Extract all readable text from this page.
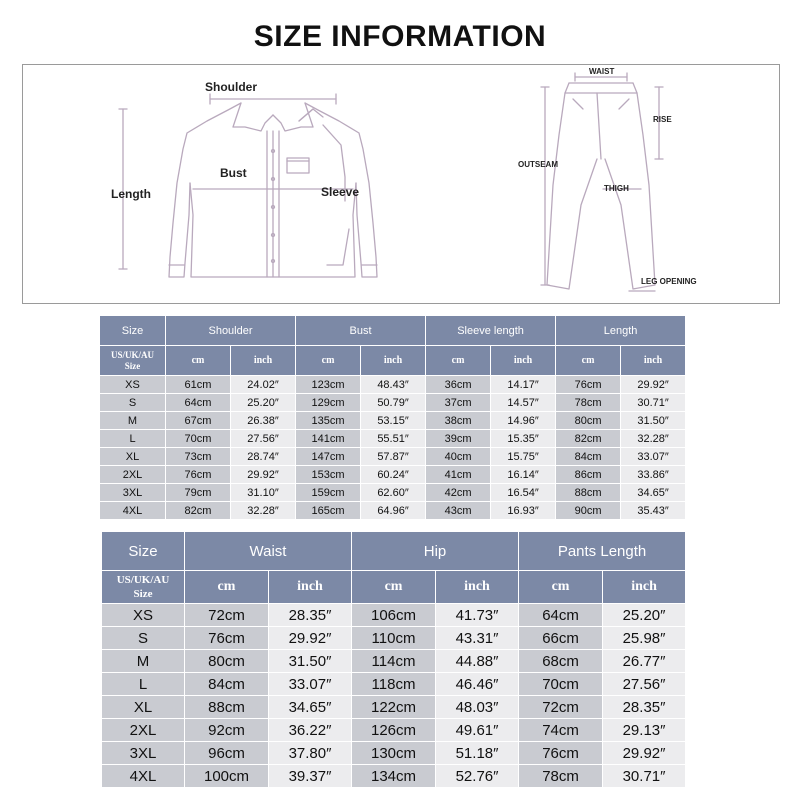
SIZE INFORMATION
Shoulder
Bust
Length	Sleeve
WAIST
RISE
OUTSEAM
THIGH
LEG OPENING
Size	Shoulder		Bust		Sleeve length		Length	
US/UK/AU
Size	cm	inch	cm	inch	cm	inch	cm	inch
XS	61cm	24.02″	123cm	48.43″	36cm	14.17″	76cm	29.92″
S	64cm	25.20″	129cm	50.79″	37cm	14.57″	78cm	30.71″
M	67cm	26.38″	135cm	53.15″	38cm	14.96″	80cm	31.50″
L	70cm	27.56″	141cm	55.51″	39cm	15.35″	82cm	32.28″
XL	73cm	28.74″	147cm	57.87″	40cm	15.75″	84cm	33.07″
2XL	76cm	29.92″	153cm	60.24″	41cm	16.14″	86cm	33.86″
3XL	79cm	31.10″	159cm	62.60″	42cm	16.54″	88cm	34.65″
4XL	82cm	32.28″	165cm	64.96″	43cm	16.93″	90cm	35.43″
Size	Waist		Hip		Pants Length	
US/UK/AU
Size	cm	inch	cm	inch	cm	inch
XS	72cm	28.35″	106cm	41.73″	64cm	25.20″
S	76cm	29.92″	110cm	43.31″	66cm	25.98″
M	80cm	31.50″	114cm	44.88″	68cm	26.77″
L	84cm	33.07″	118cm	46.46″	70cm	27.56″
XL	88cm	34.65″	122cm	48.03″	72cm	28.35″
2XL	92cm	36.22″	126cm	49.61″	74cm	29.13″
3XL	96cm	37.80″	130cm	51.18″	76cm	29.92″
4XL	100cm	39.37″	134cm	52.76″	78cm	30.71″
